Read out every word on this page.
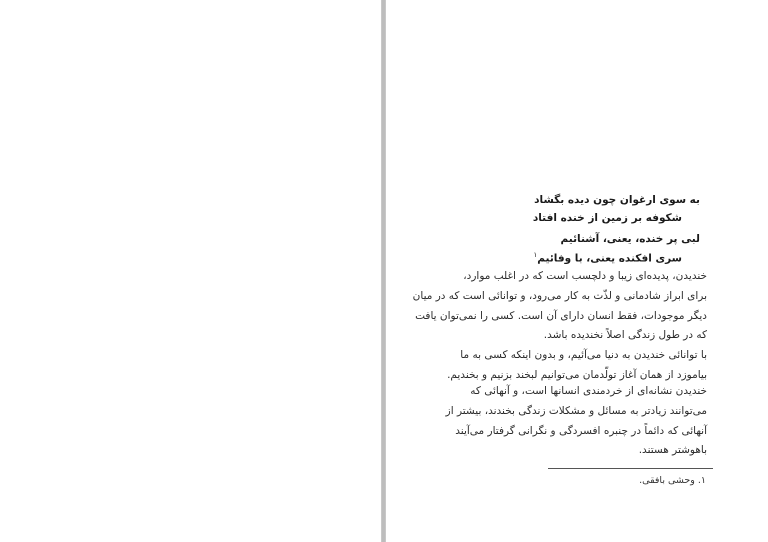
به سوی ارغوان چون دیده بگشاد
شکوفه بر زمین از خنده افتاد
لبی پر خنده، یعنی، آشنائیم
سری افکنده یعنی، با وفائیم$^۱$
خندیدن، پدیده‌ای زیبا و دلچسب است که در اغلب موارد،
برای ابراز شادمانی و لذّت به کار می‌رود، و توانائی است که در میان
دیگر موجودات، فقط انسان دارای آن است. کسی را نمی‌توان یافت
که در طول زندگی اصلاً نخندیده باشد.
با توانائی خندیدن به دنیا می‌آئیم، و بدون اینکه کسی به ما
بیاموزد از همان آغاز تولّدمان می‌توانیم لبخند بزنیم و بخندیم.
خندیدن نشانه‌ای از خردمندی انسانها است، و آنهائی که
می‌توانند زیادتر به مسائل و مشکلات زندگی بخندند، بیشتر از
آنهائی که دائماً در چنبره افسردگی و نگرانی گرفتار می‌آیند
باهوشتر هستند.
۱. وحشی بافقی.
